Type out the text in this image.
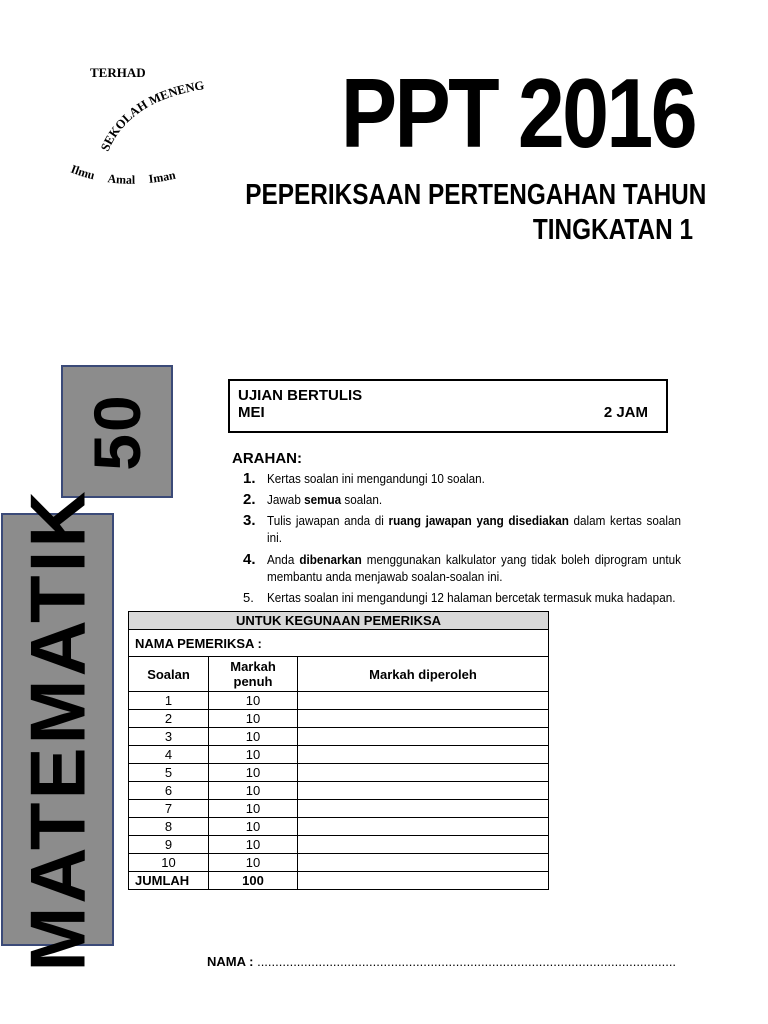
TERHAD
SEKOLAH MENENG
Ilmu Amal Iman
PPT 2016
PEPERIKSAAN PERTENGAHAN TAHUN
TINGKATAN 1
50
MATEMATIK
UJIAN BERTULIS
MEI	2 JAM
ARAHAN:
1. Kertas soalan ini mengandungi 10 soalan.
2. Jawab semua soalan.
3. Tulis jawapan anda di ruang jawapan yang disediakan dalam kertas soalan ini.
4. Anda dibenarkan menggunakan kalkulator yang tidak boleh diprogram untuk membantu anda menjawab soalan-soalan ini.
5. Kertas soalan ini mengandungi 12 halaman bercetak termasuk muka hadapan.
UNTUK KEGUNAAN PEMERIKSA		
NAMA PEMERIKSA :		
Soalan	Markah penuh	Markah diperoleh
1	10	
2	10	
3	10	
4	10	
5	10	
6	10	
7	10	
8	10	
9	10	
10	10	
JUMLAH	100	
NAMA : ....................................................................................................................
